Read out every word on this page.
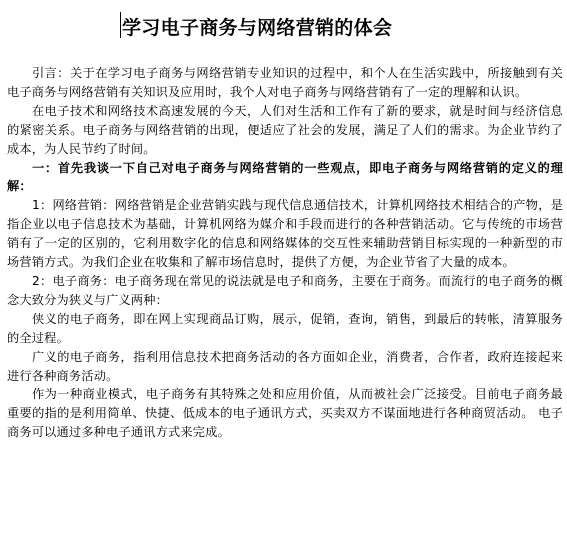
学习电子商务与网络营销的体会

引言：关于在学习电子商务与网络营销专业知识的过程中，和个人在生活实践中，所接触到有关电子商务与网络营销有关知识及应用时，我个人对电子商务与网络营销有了一定的理解和认识。

在电子技术和网络技术高速发展的今天，人们对生活和工作有了新的要求，就是时间与经济信息的紧密关系。电子商务与网络营销的出现，便适应了社会的发展，满足了人们的需求。为企业节约了成本，为人民节约了时间。

一：首先我谈一下自己对电子商务与网络营销的一些观点，即电子商务与网络营销的定义的理解：

1：网络营销：网络营销是企业营销实践与现代信息通信技术，计算机网络技术相结合的产物，是指企业以电子信息技术为基础，计算机网络为媒介和手段而进行的各种营销活动。它与传统的市场营销有了一定的区别的，它利用数字化的信息和网络媒体的交互性来辅助营销目标实现的一种新型的市场营销方式。为我们企业在收集和了解市场信息时，提供了方便，为企业节省了大量的成本。

2：电子商务：电子商务现在常见的说法就是电子和商务，主要在于商务。而流行的电子商务的概念大致分为狭义与广义两种：

侠义的电子商务，即在网上实现商品订购，展示，促销，查询，销售，到最后的转帐，清算服务的全过程。

广义的电子商务，指利用信息技术把商务活动的各方面如企业，消费者，合作者，政府连接起来进行各种商务活动。

作为一种商业模式，电子商务有其特殊之处和应用价值，从而被社会广泛接受。目前电子商务最重要的指的是利用简单、快捷、低成本的电子通讯方式，买卖双方不谋面地进行各种商贸活动。 电子商务可以通过多种电子通讯方式来完成。
